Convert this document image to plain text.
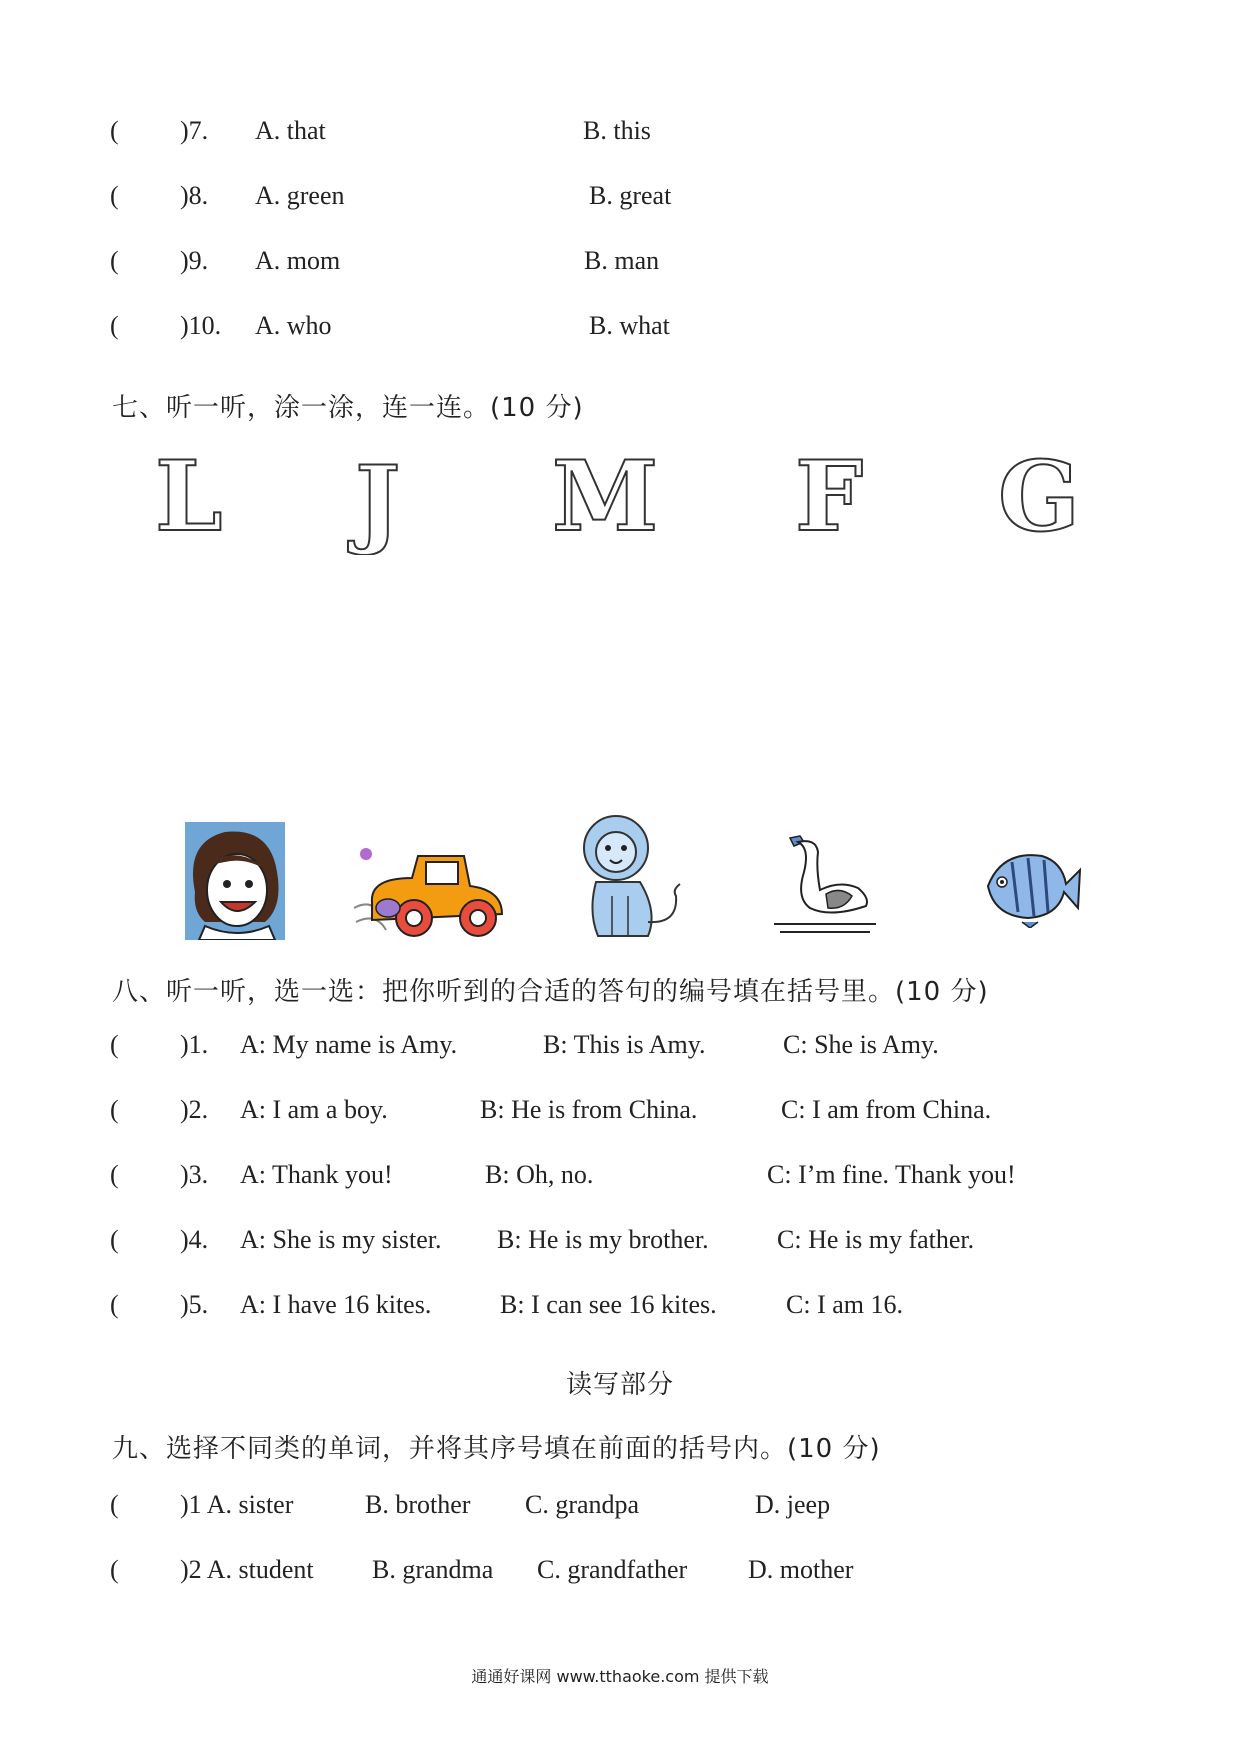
( )7. A. that	B. this
( )8. A. green	B. great
( )9. A. mom	B. man
( )10. A. who	B. what
七、听一听，涂一涂，连一连。(10 分)
L J M F G
八、听一听，选一选：把你听到的合适的答句的编号填在括号里。(10 分)
( )1. A: My name is Amy.	B: This is Amy.	C: She is Amy.
( )2. A: I am a boy.	B: He is from China.	C: I am from China.
( )3. A: Thank you!	B: Oh, no.	C: I’m fine. Thank you!
( )4. A: She is my sister. B: He is my brother.	C: He is my father.
( )5. A: I have 16 kites.	B: I can see 16 kites.	C: I am 16.
读写部分
九、选择不同类的单词，并将其序号填在前面的括号内。(10 分)
( )1 A. sister	B. brother C. grandpa	D. jeep
( )2 A. student B. grandma C. grandfather D. mother
通通好课网 www.tthaoke.com 提供下载
